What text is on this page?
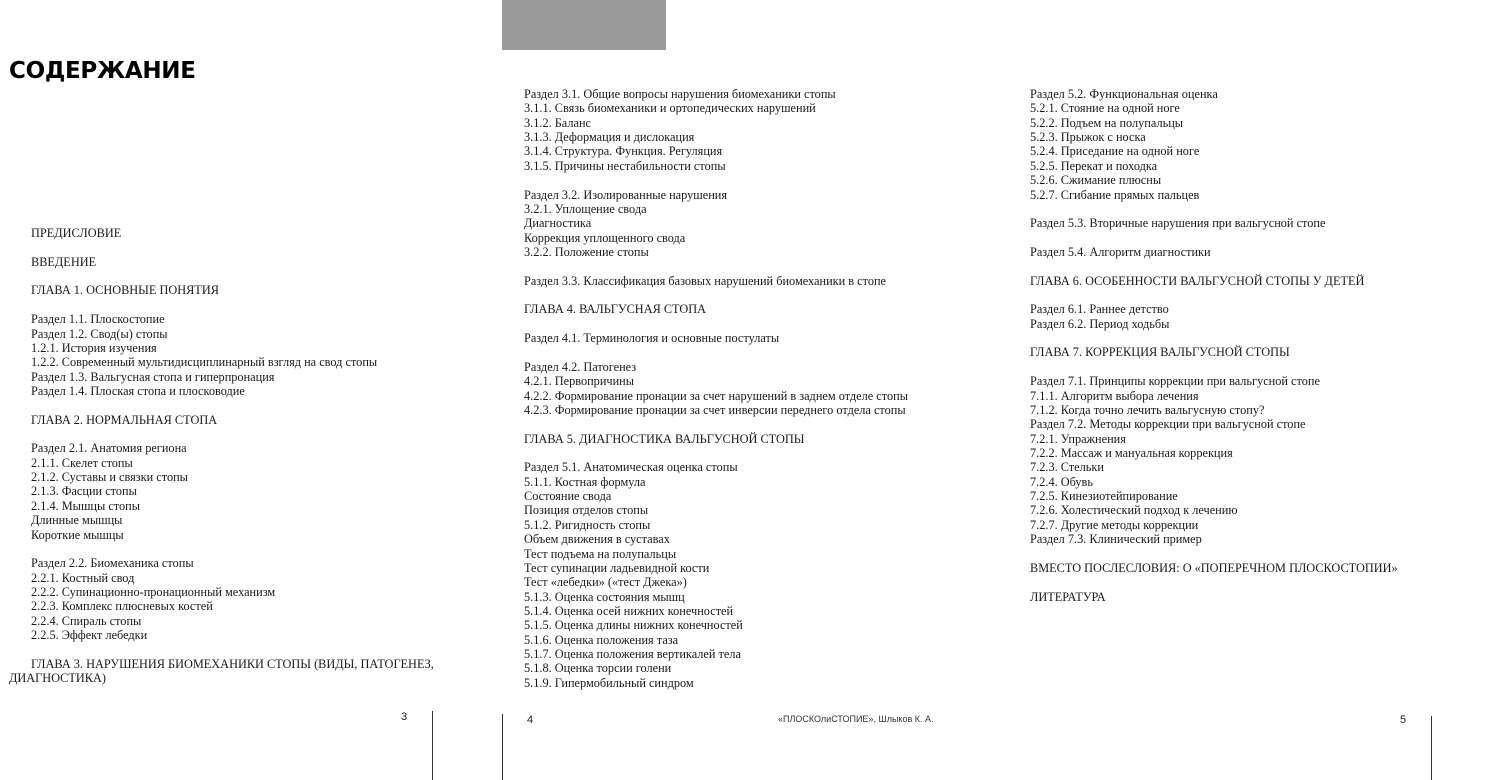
СОДЕРЖАНИЕ
ПРЕДИСЛОВИЕ
ВВЕДЕНИЕ
ГЛАВА 1. ОСНОВНЫЕ ПОНЯТИЯ
Раздел 1.1. Плоскостопие
Раздел 1.2. Свод(ы) стопы
1.2.1. История изучения
1.2.2. Современный мультидисциплинарный взгляд на свод стопы
Раздел 1.3. Вальгусная стопа и гиперпронация
Раздел 1.4. Плоская стопа и плосководие
ГЛАВА 2. НОРМАЛЬНАЯ СТОПА
Раздел 2.1. Анатомия региона
2.1.1. Скелет стопы
2.1.2. Суставы и связки стопы
2.1.3. Фасции стопы
2.1.4. Мышцы стопы
Длинные мышцы
Короткие мышцы
Раздел 2.2. Биомеханика стопы
2.2.1. Костный свод
2.2.2. Супинационно-пронационный механизм
2.2.3. Комплекс плюсневых костей
2.2.4. Спираль стопы
2.2.5. Эффект лебедки
ГЛАВА 3. НАРУШЕНИЯ БИОМЕХАНИКИ СТОПЫ (ВИДЫ, ПАТОГЕНЕЗ,
ДИАГНОСТИКА)
Раздел 3.1. Общие вопросы нарушения биомеханики стопы
3.1.1. Связь биомеханики и ортопедических нарушений
3.1.2. Баланс
3.1.3. Деформация и дислокация
3.1.4. Структура. Функция. Регуляция
3.1.5. Причины нестабильности стопы
Раздел 3.2. Изолированные нарушения
3.2.1. Уплощение свода
Диагностика
Коррекция уплощенного свода
3.2.2. Положение стопы
Раздел 3.3. Классификация базовых нарушений биомеханики в стопе
ГЛАВА 4. ВАЛЬГУСНАЯ СТОПА
Раздел 4.1. Терминология и основные постулаты
Раздел 4.2. Патогенез
4.2.1. Первопричины
4.2.2. Формирование пронации за счет нарушений в заднем отделе стопы
4.2.3. Формирование пронации за счет инверсии переднего отдела стопы
ГЛАВА 5. ДИАГНОСТИКА ВАЛЬГУСНОЙ СТОПЫ
Раздел 5.1. Анатомическая оценка стопы
5.1.1. Костная формула
Состояние свода
Позиция отделов стопы
5.1.2. Ригидность стопы
Объем движения в суставах
Тест подъема на полупальцы
Тест супинации ладьевидной кости
Тест «лебедки» («тест Джека»)
5.1.3. Оценка состояния мышц
5.1.4. Оценка осей нижних конечностей
5.1.5. Оценка длины нижних конечностей
5.1.6. Оценка положения таза
5.1.7. Оценка положения вертикалей тела
5.1.8. Оценка торсии голени
5.1.9. Гипермобильный синдром
Раздел 5.2. Функциональная оценка
5.2.1. Стояние на одной ноге
5.2.2. Подъем на полупальцы
5.2.3. Прыжок с носка
5.2.4. Приседание на одной ноге
5.2.5. Перекат и походка
5.2.6. Сжимание плюсны
5.2.7. Сгибание прямых пальцев
Раздел 5.3. Вторичные нарушения при вальгусной стопе
Раздел 5.4. Алгоритм диагностики
ГЛАВА 6. ОСОБЕННОСТИ ВАЛЬГУСНОЙ СТОПЫ У ДЕТЕЙ
Раздел 6.1. Раннее детство
Раздел 6.2. Период ходьбы
ГЛАВА 7. КОРРЕКЦИЯ ВАЛЬГУСНОЙ СТОПЫ
Раздел 7.1. Принципы коррекции при вальгусной стопе
7.1.1. Алгоритм выбора лечения
7.1.2. Когда точно лечить вальгусную стопу?
Раздел 7.2. Методы коррекции при вальгусной стопе
7.2.1. Упражнения
7.2.2. Массаж и мануальная коррекция
7.2.3. Стельки
7.2.4. Обувь
7.2.5. Кинезиотейпирование
7.2.6. Холестический подход к лечению
7.2.7. Другие методы коррекции
Раздел 7.3. Клинический пример
ВМЕСТО ПОСЛЕСЛОВИЯ: О «ПОПЕРЕЧНОМ ПЛОСКОСТОПИИ»
ЛИТЕРАТУРА
3	4	«ПЛОСКОлиСТОПИЕ», Шлыков К. А.	5
